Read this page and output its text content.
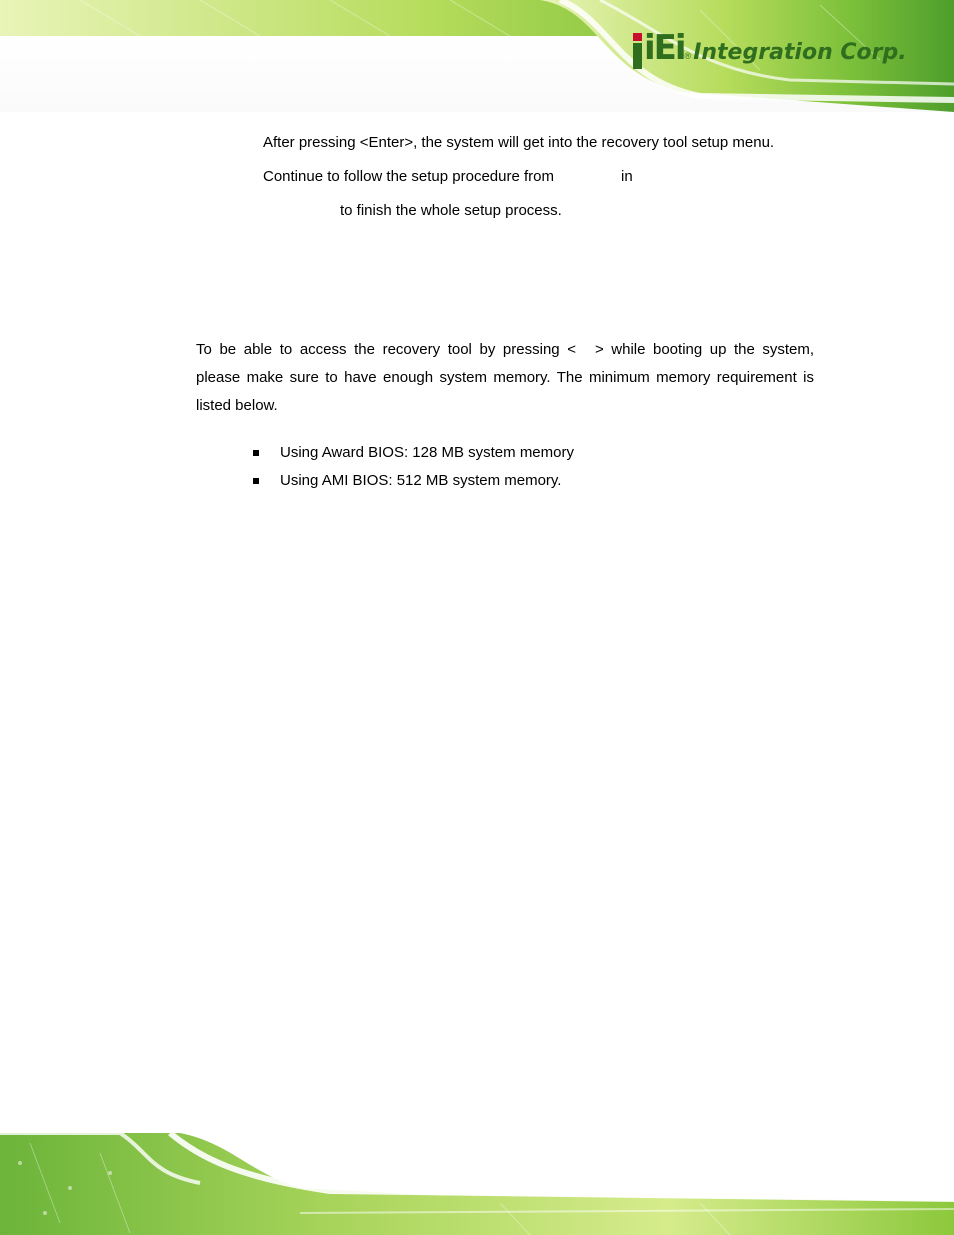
iEi®Integration Corp.
After pressing <Enter>, the system will get into the recovery tool setup menu.
Continue to follow the setup procedure from	in
to finish the whole setup process.
To be able to access the recovery tool by pressing < > while booting up the system,
please make sure to have enough system memory. The minimum memory requirement is
listed below.
Using Award BIOS: 128 MB system memory
Using AMI BIOS: 512 MB system memory.
